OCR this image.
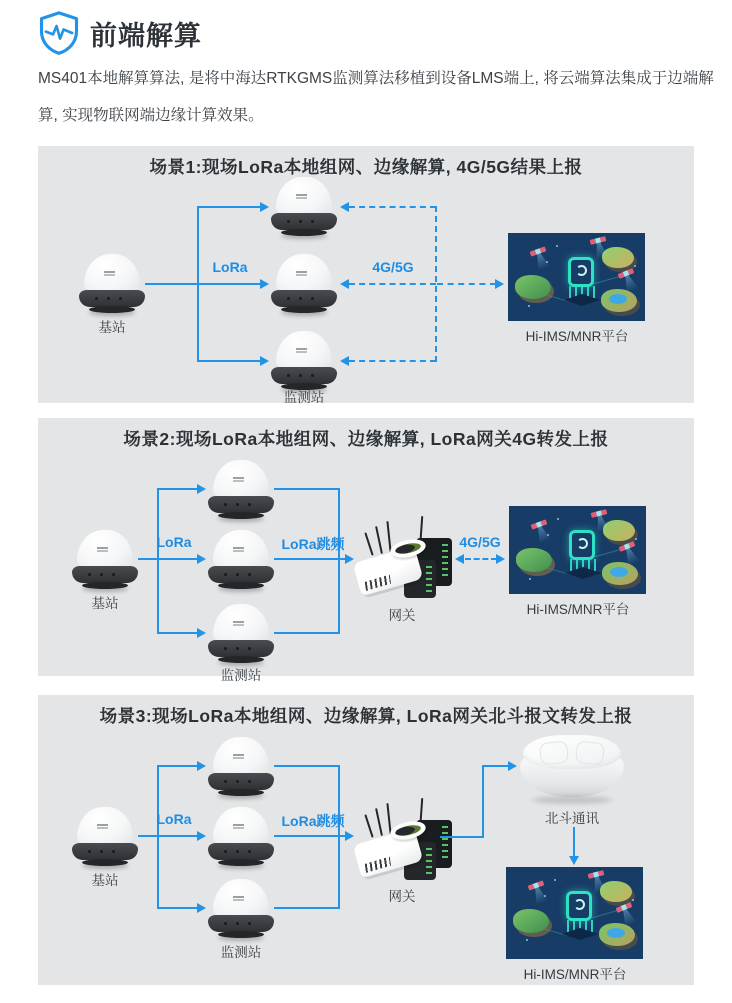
前端解算
MS401本地解算算法, 是将中海达RTKGMS监测算法移植到设备LMS端上, 将云端算法集成于边端解
算, 实现物联网端边缘计算效果。
场景1:现场LoRa本地组网、边缘解算, 4G/5G结果上报
基站
监测站
LoRa	4G/5G
Hi-IMS/MNR平台
场景2:现场LoRa本地组网、边缘解算, LoRa网关4G转发上报
基站
监测站
LoRa	LoRa跳频
网关
4G/5G
Hi-IMS/MNR平台
场景3:现场LoRa本地组网、边缘解算, LoRa网关北斗报文转发上报
基站
监测站
LoRa	LoRa跳频
网关
北斗通讯
Hi-IMS/MNR平台
